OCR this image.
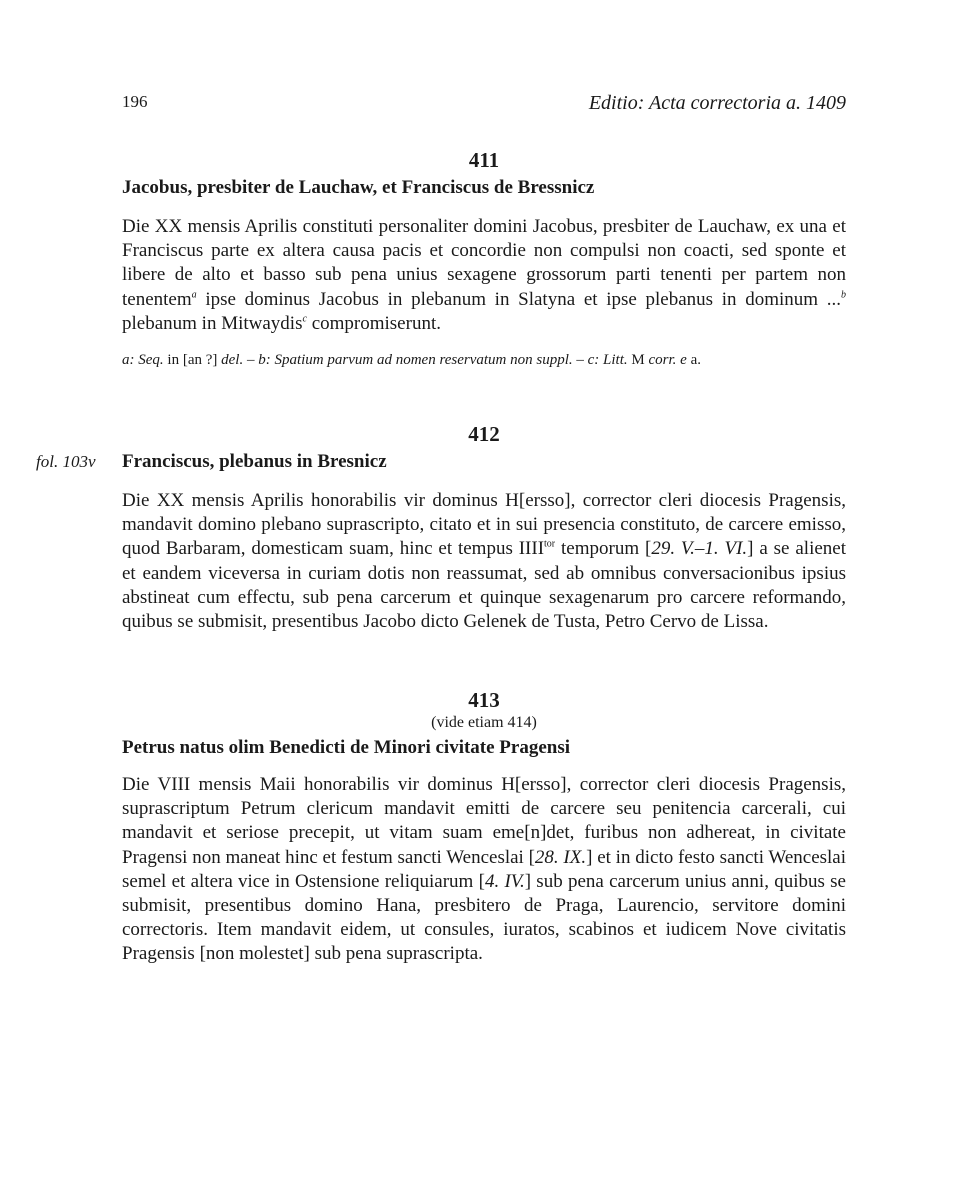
196	Editio: Acta correctoria a. 1409
411
Jacobus, presbiter de Lauchaw, et Franciscus de Bressnicz
Die XX mensis Aprilis constituti personaliter domini Jacobus, presbiter de Lauchaw, ex una et Franciscus parte ex altera causa pacis et concordie non compulsi non coacti, sed sponte et libere de alto et basso sub pena unius sexagene grossorum parti tenenti per partem non tenentem$^a$ ipse dominus Jacobus in plebanum in Slatyna et ipse plebanus in dominum ...$^b$ plebanum in Mitwaydis$^c$ compromiserunt.
a: Seq. in [an ?] del. – b: Spatium parvum ad nomen reservatum non suppl. – c: Litt. M corr. e a.
fol. 103v
412
Franciscus, plebanus in Bresnicz
Die XX mensis Aprilis honorabilis vir dominus H[ersso], corrector cleri diocesis Pragensis, mandavit domino plebano suprascripto, citato et in sui presencia constituto, de carcere emisso, quod Barbaram, domesticam suam, hinc et tempus $IIII^{tor}$ temporum [29. V.–1. VI.] a se alienet et eandem viceversa in curiam dotis non reassumat, sed ab omnibus conversacionibus ipsius abstineat cum effectu, sub pena carcerum et quinque sexagenarum pro carcere reformando, quibus se submisit, presentibus Jacobo dicto Gelenek de Tusta, Petro Cervo de Lissa.
413
(vide etiam 414)
Petrus natus olim Benedicti de Minori civitate Pragensi
Die VIII mensis Maii honorabilis vir dominus H[ersso], corrector cleri diocesis Pragensis, suprascriptum Petrum clericum mandavit emitti de carcere seu penitencia carcerali, cui mandavit et seriose precepit, ut vitam suam eme[n]det, furibus non adhereat, in civitate Pragensi non maneat hinc et festum sancti Wenceslai [28. IX.] et in dicto festo sancti Wenceslai semel et altera vice in Ostensione reliquiarum [4. IV.] sub pena carcerum unius anni, quibus se submisit, presentibus domino Hana, presbitero de Praga, Laurencio, servitore domini correctoris. Item mandavit eidem, ut consules, iuratos, scabinos et iudicem Nove civitatis Pragensis [non molestet] sub pena suprascripta.
